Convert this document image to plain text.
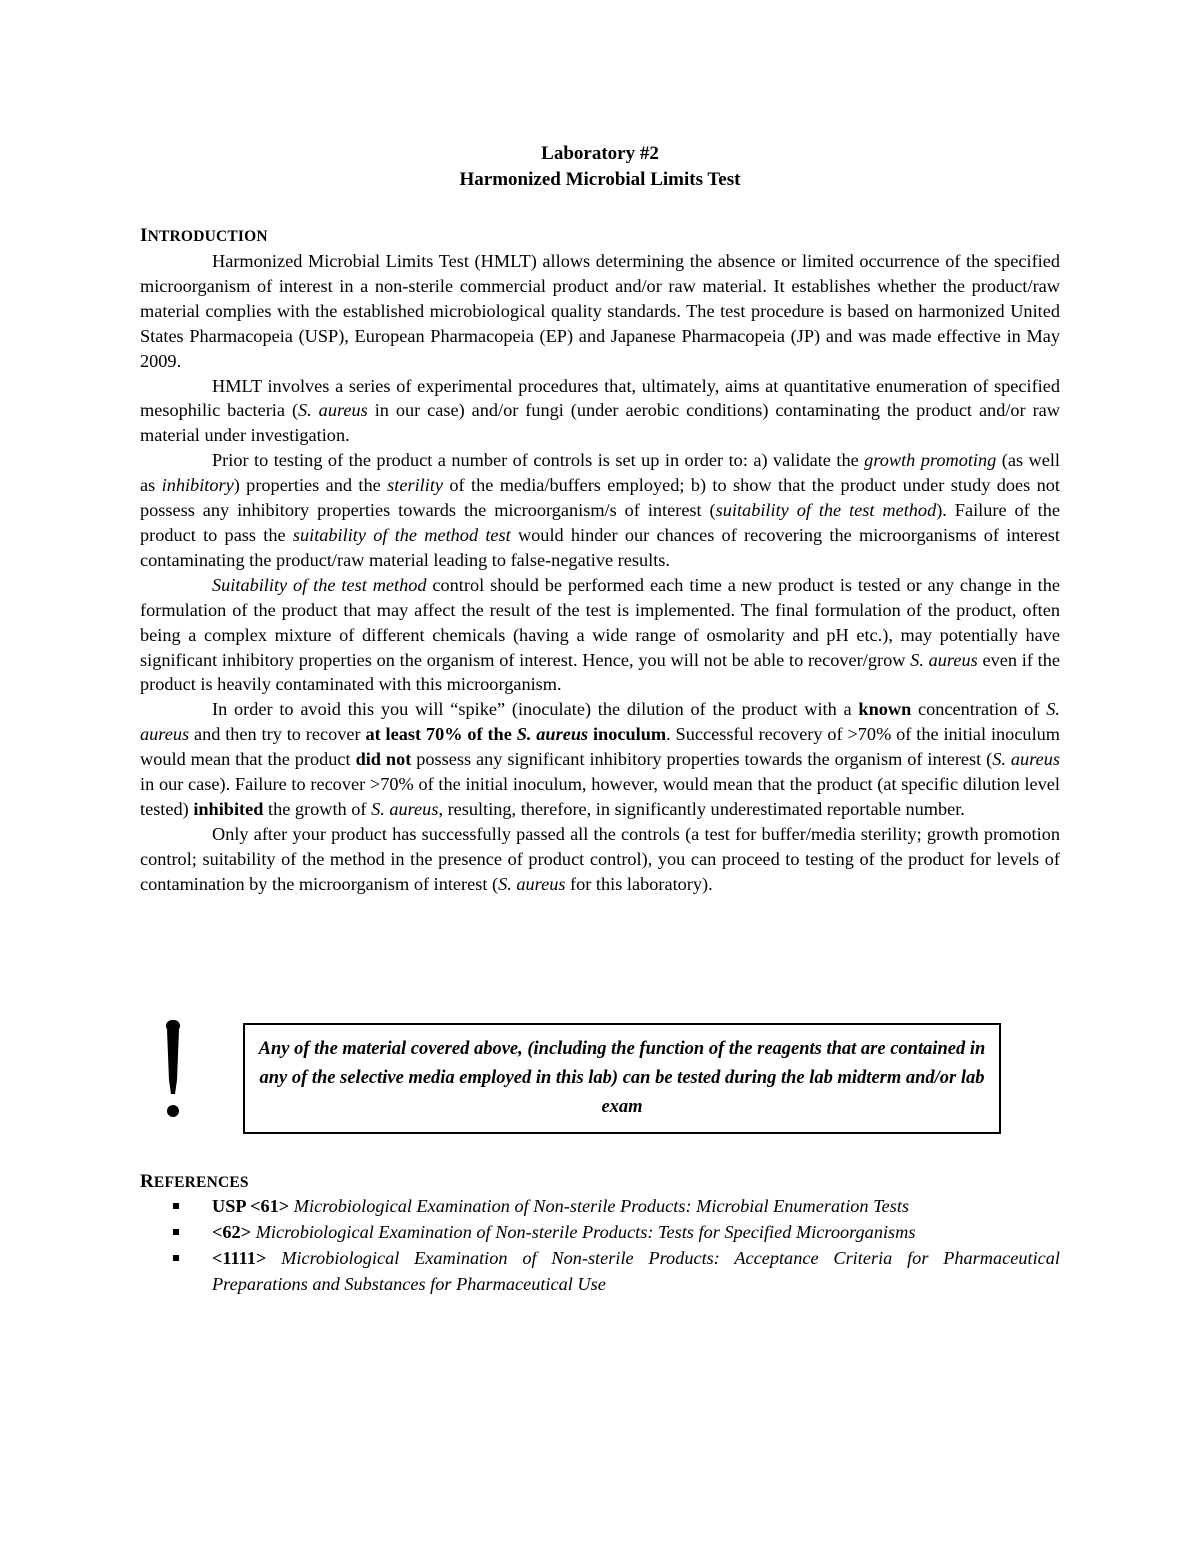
Laboratory #2
Harmonized Microbial Limits Test
INTRODUCTION

Harmonized Microbial Limits Test (HMLT) allows determining the absence or limited occurrence of the specified microorganism of interest in a non-sterile commercial product and/or raw material. It establishes whether the product/raw material complies with the established microbiological quality standards. The test procedure is based on harmonized United States Pharmacopeia (USP), European Pharmacopeia (EP) and Japanese Pharmacopeia (JP) and was made effective in May 2009.

HMLT involves a series of experimental procedures that, ultimately, aims at quantitative enumeration of specified mesophilic bacteria (S. aureus in our case) and/or fungi (under aerobic conditions) contaminating the product and/or raw material under investigation.

Prior to testing of the product a number of controls is set up in order to: a) validate the growth promoting (as well as inhibitory) properties and the sterility of the media/buffers employed; b) to show that the product under study does not possess any inhibitory properties towards the microorganism/s of interest (suitability of the test method). Failure of the product to pass the suitability of the method test would hinder our chances of recovering the microorganisms of interest contaminating the product/raw material leading to false-negative results.

Suitability of the test method control should be performed each time a new product is tested or any change in the formulation of the product that may affect the result of the test is implemented. The final formulation of the product, often being a complex mixture of different chemicals (having a wide range of osmolarity and pH etc.), may potentially have significant inhibitory properties on the organism of interest. Hence, you will not be able to recover/grow S. aureus even if the product is heavily contaminated with this microorganism.

In order to avoid this you will “spike” (inoculate) the dilution of the product with a known concentration of S. aureus and then try to recover at least 70% of the S. aureus inoculum. Successful recovery of >70% of the initial inoculum would mean that the product did not possess any significant inhibitory properties towards the organism of interest (S. aureus in our case). Failure to recover >70% of the initial inoculum, however, would mean that the product (at specific dilution level tested) inhibited the growth of S. aureus, resulting, therefore, in significantly underestimated reportable number.

Only after your product has successfully passed all the controls (a test for buffer/media sterility; growth promotion control; suitability of the method in the presence of product control), you can proceed to testing of the product for levels of contamination by the microorganism of interest (S. aureus for this laboratory).

Any of the material covered above, (including the function of the reagents that are contained in any of the selective media employed in this lab) can be tested during the lab midterm and/or lab exam
REFERENCES
USP <61> Microbiological Examination of Non-sterile Products: Microbial Enumeration Tests
<62> Microbiological Examination of Non-sterile Products: Tests for Specified Microorganisms
<1111> Microbiological Examination of Non-sterile Products: Acceptance Criteria for Pharmaceutical Preparations and Substances for Pharmaceutical Use
